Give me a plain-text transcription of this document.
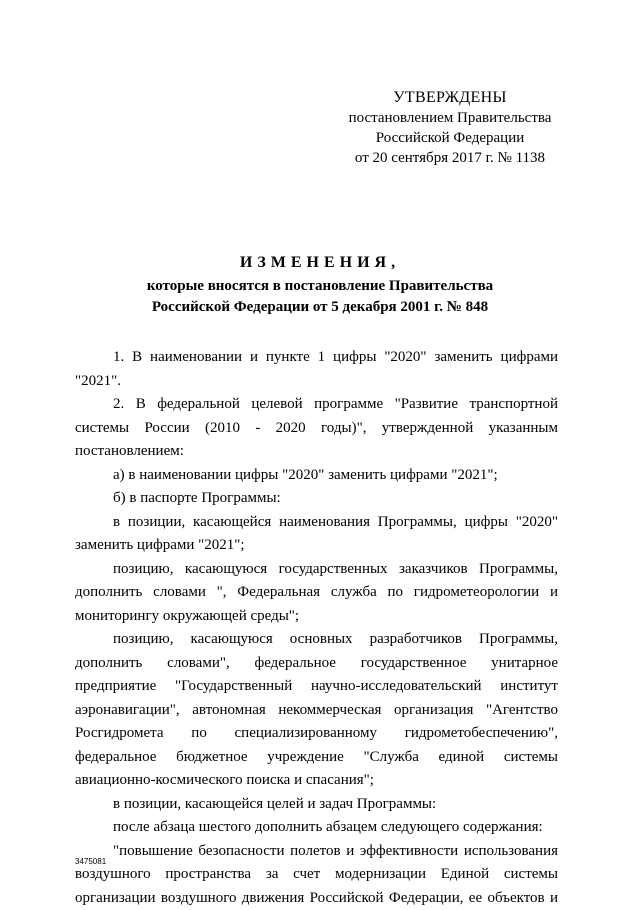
УТВЕРЖДЕНЫ
постановлением Правительства
Российской Федерации
от 20 сентября 2017 г. № 1138
ИЗМЕНЕНИЯ,
которые вносятся в постановление Правительства
Российской Федерации от 5 декабря 2001 г. № 848

1. В наименовании и пункте 1 цифры "2020" заменить цифрами "2021".

2. В федеральной целевой программе "Развитие транспортной системы России (2010 - 2020 годы)", утвержденной указанным постановлением:

а) в наименовании цифры "2020" заменить цифрами "2021";

б) в паспорте Программы:

в позиции, касающейся наименования Программы, цифры "2020" заменить цифрами "2021";

позицию, касающуюся государственных заказчиков Программы, дополнить словами ", Федеральная служба по гидрометеорологии и мониторингу окружающей среды";

позицию, касающуюся основных разработчиков Программы, дополнить словами", федеральное государственное унитарное предприятие "Государственный научно-исследовательский институт аэронавигации", автономная некоммерческая организация "Агентство Росгидромета по специализированному гидрометобеспечению", федеральное бюджетное учреждение "Служба единой системы авиационно-космического поиска и спасания";

в позиции, касающейся целей и задач Программы:

после абзаца шестого дополнить абзацем следующего содержания:

"повышение безопасности полетов и эффективности использования воздушного пространства за счет модернизации Единой системы организации воздушного движения Российской Федерации, ее объектов и

3475081
